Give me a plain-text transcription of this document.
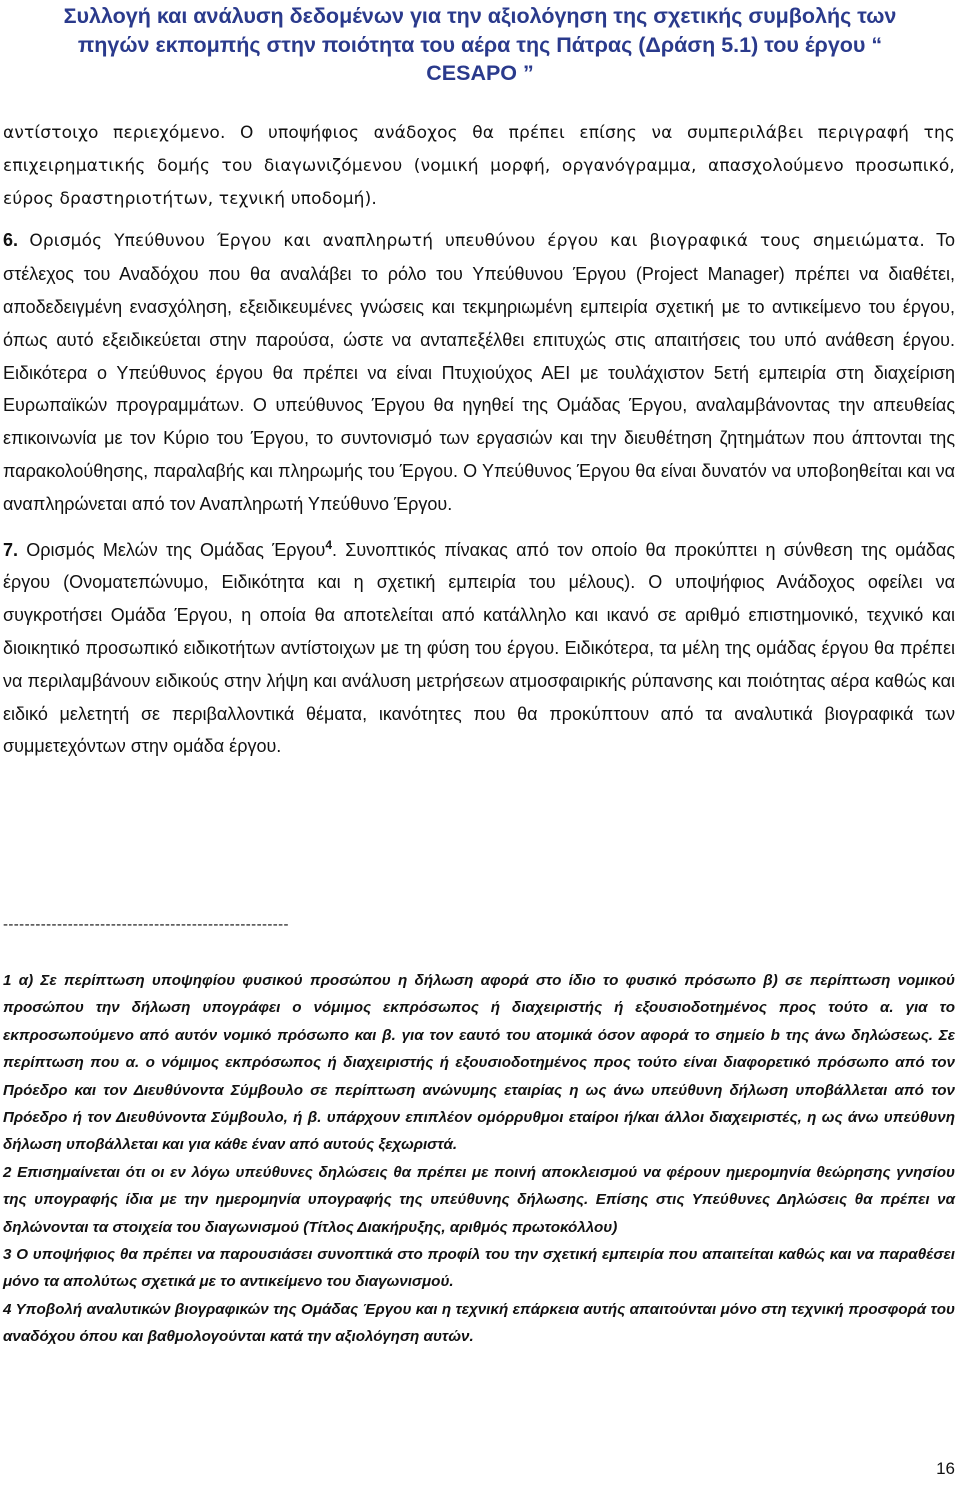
Συλλογή και ανάλυση δεδομένων για την αξιολόγηση της σχετικής συμβολής των
πηγών εκπομπής στην ποιότητα του αέρα της Πάτρας (Δράση 5.1) του έργου “
CESAPO ”

αντίστοιχο περιεχόμενο. Ο υποψήφιος ανάδοχος θα πρέπει επίσης να συμπεριλάβει περιγραφή της επιχειρηματικής δομής του διαγωνιζόμενου (νομική μορφή, οργανόγραμμα, απασχολούμενο προσωπικό, εύρος δραστηριοτήτων, τεχνική υποδομή).

6. Ορισμός Υπεύθυνου Έργου και αναπληρωτή υπευθύνου έργου και βιογραφικά τους σημειώματα. Το στέλεχος του Αναδόχου που θα αναλάβει το ρόλο του Υπεύθυνου Έργου (Project Manager) πρέπει να διαθέτει, αποδεδειγμένη ενασχόληση, εξειδικευμένες γνώσεις και τεκμηριωμένη εμπειρία σχετική με το αντικείμενο του έργου, όπως αυτό εξειδικεύεται στην παρούσα, ώστε να ανταπεξέλθει επιτυχώς στις απαιτήσεις του υπό ανάθεση έργου. Ειδικότερα ο Υπεύθυνος έργου θα πρέπει να είναι Πτυχιούχος ΑΕΙ με τουλάχιστον 5ετή εμπειρία στη διαχείριση Ευρωπαϊκών προγραμμάτων. Ο υπεύθυνος Έργου θα ηγηθεί της Ομάδας Έργου, αναλαμβάνοντας την απευθείας επικοινωνία με τον Κύριο του Έργου, το συντονισμό των εργασιών και την διευθέτηση ζητημάτων που άπτονται της παρακολούθησης, παραλαβής και πληρωμής του Έργου. Ο Υπεύθυνος Έργου θα είναι δυνατόν να υποβοηθείται και να αναπληρώνεται από τον Αναπληρωτή Υπεύθυνο Έργου.

7. Ορισμός Μελών της Ομάδας Έργου$^4$. Συνοπτικός πίνακας από τον οποίο θα προκύπτει η σύνθεση της ομάδας έργου (Ονοματεπώνυμο, Ειδικότητα και η σχετική εμπειρία του μέλους). Ο υποψήφιος Ανάδοχος οφείλει να συγκροτήσει Ομάδα Έργου, η οποία θα αποτελείται από κατάλληλο και ικανό σε αριθμό επιστημονικό, τεχνικό και διοικητικό προσωπικό ειδικοτήτων αντίστοιχων με τη φύση του έργου. Ειδικότερα, τα μέλη της ομάδας έργου θα πρέπει να περιλαμβάνουν ειδικούς στην λήψη και ανάλυση μετρήσεων ατμοσφαιρικής ρύπανσης και ποιότητας αέρα καθώς και ειδικό μελετητή σε περιβαλλοντικά θέματα, ικανότητες που θα προκύπτουν από τα αναλυτικά βιογραφικά των συμμετεχόντων στην ομάδα έργου.

-----------------------------------------------------

1 α) Σε περίπτωση υποψηφίου φυσικού προσώπου η δήλωση αφορά στο ίδιο το φυσικό πρόσωπο β) σε περίπτωση νομικού προσώπου την δήλωση υπογράφει ο νόμιμος εκπρόσωπος ή διαχειριστής ή εξουσιοδοτημένος προς τούτο α. για το εκπροσωπούμενο από αυτόν νομικό πρόσωπο και β. για τον εαυτό του ατομικά όσον αφορά το σημείο b της άνω δηλώσεως. Σε περίπτωση που α. ο νόμιμος εκπρόσωπος ή διαχειριστής ή εξουσιοδοτημένος προς τούτο είναι διαφορετικό πρόσωπο από τον Πρόεδρο και τον Διευθύνοντα Σύμβουλο σε περίπτωση ανώνυμης εταιρίας η ως άνω υπεύθυνη δήλωση υποβάλλεται από τον Πρόεδρο ή τον Διευθύνοντα Σύμβουλο, ή β. υπάρχουν επιπλέον ομόρρυθμοι εταίροι ή/και άλλοι διαχειριστές, η ως άνω υπεύθυνη δήλωση υποβάλλεται και για κάθε έναν από αυτούς ξεχωριστά.

2 Επισημαίνεται ότι οι εν λόγω υπεύθυνες δηλώσεις θα πρέπει με ποινή αποκλεισμού να φέρουν ημερομηνία θεώρησης γνησίου της υπογραφής ίδια με την ημερομηνία υπογραφής της υπεύθυνης δήλωσης. Επίσης στις Υπεύθυνες Δηλώσεις θα πρέπει να δηλώνονται τα στοιχεία του διαγωνισμού (Τίτλος Διακήρυξης, αριθμός πρωτοκόλλου)

3 Ο υποψήφιος θα πρέπει να παρουσιάσει συνοπτικά στο προφίλ του την σχετική εμπειρία που απαιτείται καθώς και να παραθέσει μόνο τα απολύτως σχετικά με το αντικείμενο του διαγωνισμού.

4 Υποβολή αναλυτικών βιογραφικών της Ομάδας Έργου και η τεχνική επάρκεια αυτής απαιτούνται μόνο στη τεχνική προσφορά του αναδόχου όπου και βαθμολογούνται κατά την αξιολόγηση αυτών.

16
